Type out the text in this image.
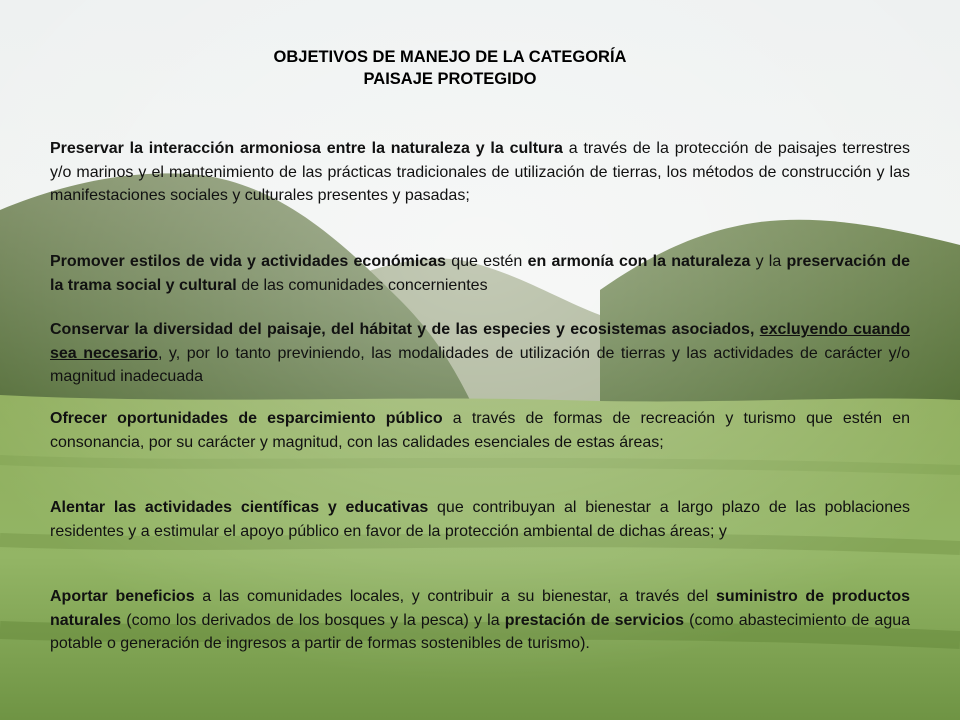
OBJETIVOS DE MANEJO DE LA CATEGORÍA
PAISAJE PROTEGIDO
Preservar la interacción armoniosa entre la naturaleza y la cultura a través de la protección de paisajes terrestres y/o marinos y el mantenimiento de las prácticas tradicionales de utilización de tierras, los métodos de construcción y las manifestaciones sociales y culturales presentes y pasadas;
Promover estilos de vida y actividades económicas que estén en armonía con la naturaleza y la preservación de la trama social y cultural de las comunidades concernientes
Conservar la diversidad del paisaje, del hábitat y de las especies y ecosistemas asociados, excluyendo cuando sea necesario, y, por lo tanto previniendo, las modalidades de utilización de tierras y las actividades de carácter y/o magnitud inadecuada
Ofrecer oportunidades de esparcimiento público a través de formas de recreación y turismo que estén en consonancia, por su carácter y magnitud, con las calidades esenciales de estas áreas;
Alentar las actividades científicas y educativas que contribuyan al bienestar a largo plazo de las poblaciones residentes y a estimular el apoyo público en favor de la protección ambiental de dichas áreas; y
Aportar beneficios a las comunidades locales, y contribuir a su bienestar, a través del suministro de productos naturales (como los derivados de los bosques y la pesca) y la prestación de servicios (como abastecimiento de agua potable o generación de ingresos a partir de formas sostenibles de turismo).
